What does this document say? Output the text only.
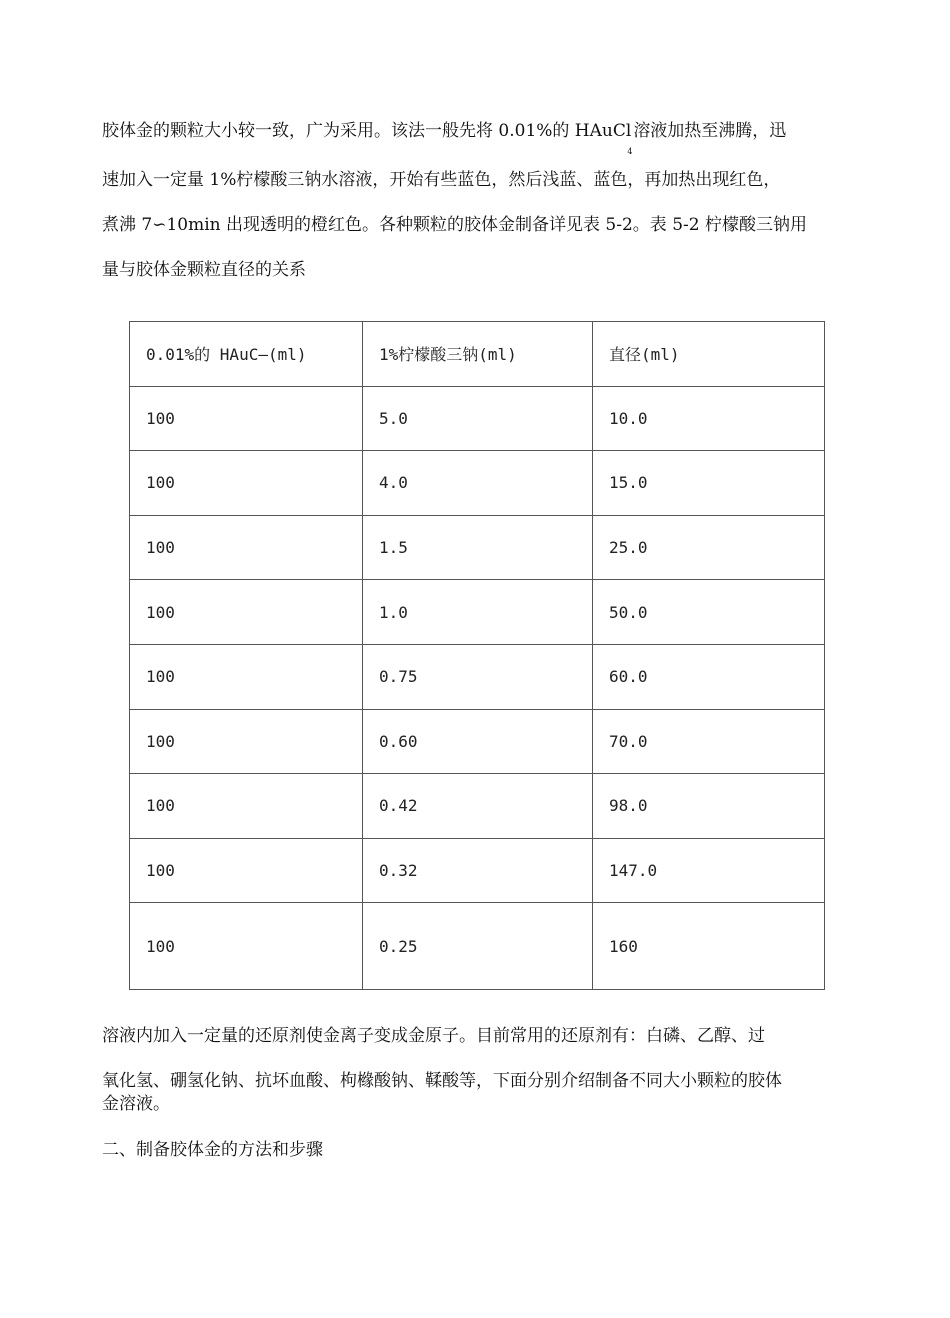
胶体金的颗粒大小较一致，广为采用。该法一般先将 0.01%的 HAuCl
4
溶液加热至沸腾，迅

速加入一定量 1%柠檬酸三钠水溶液，开始有些蓝色，然后浅蓝、蓝色，再加热出现红色，

煮沸 7∽10min 出现透明的橙红色。各种颗粒的胶体金制备详见表 5-2。表 5-2 柠檬酸三钠用

量与胶体金颗粒直径的关系

0.01%的 HAuC—(ml)	1%柠檬酸三钠(ml)	直径(ml)
100	5.0	10.0
100	4.0	15.0
100	1.5	25.0
100	1.0	50.0
100	0.75	60.0
100	0.60	70.0
100	0.42	98.0
100	0.32	147.0
100	0.25	160

溶液内加入一定量的还原剂使金离子变成金原子。目前常用的还原剂有：白磷、乙醇、过

氧化氢、硼氢化钠、抗坏血酸、枸橼酸钠、鞣酸等，下面分别介绍制备不同大小颗粒的胶体

金溶液。

二、制备胶体金的方法和步骤
